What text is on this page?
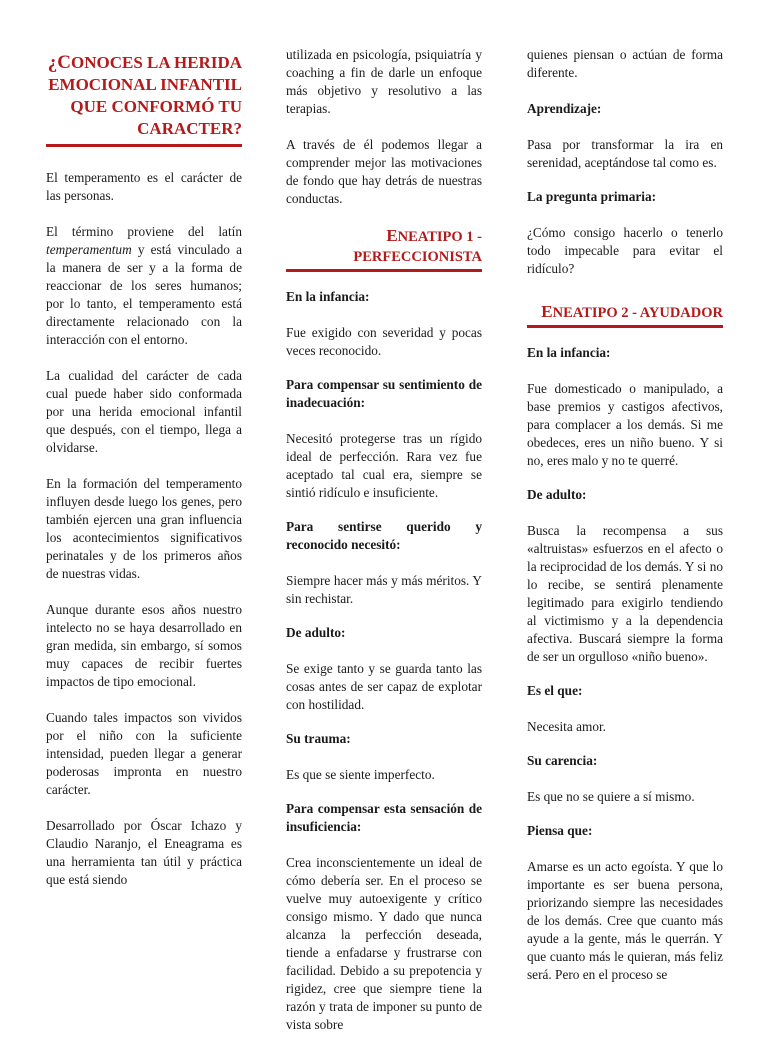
¿CONOCES LA HERIDA EMOCIONAL INFANTIL QUE CONFORMÓ TU CARACTER?

El temperamento es el carácter de las personas.

El término proviene del latín temperamentum y está vinculado a la manera de ser y a la forma de reaccionar de los seres humanos; por lo tanto, el temperamento está directamente relacionado con la interacción con el entorno.

La cualidad del carácter de cada cual puede haber sido conformada por una herida emocional infantil que después, con el tiempo, llega a olvidarse.

En la formación del temperamento influyen desde luego los genes, pero también ejercen una gran influencia los acontecimientos significativos perinatales y de los primeros años de nuestras vidas.

Aunque durante esos años nuestro intelecto no se haya desarrollado en gran medida, sin embargo, sí somos muy capaces de recibir fuertes impactos de tipo emocional.

Cuando tales impactos son vividos por el niño con la suficiente intensidad, pueden llegar a generar poderosas impronta en nuestro carácter.

Desarrollado por Óscar Ichazo y Claudio Naranjo, el Eneagrama es una herramienta tan útil y práctica que está siendo

utilizada en psicología, psiquiatría y coaching a fin de darle un enfoque más objetivo y resolutivo a las terapias.

A través de él podemos llegar a comprender mejor las motivaciones de fondo que hay detrás de nuestras conductas.

ENEATIPO 1 - PERFECCIONISTA

En la infancia:

Fue exigido con severidad y pocas veces reconocido.

Para compensar su sentimiento de inadecuación:

Necesitó protegerse tras un rígido ideal de perfección. Rara vez fue aceptado tal cual era, siempre se sintió ridículo e insuficiente.

Para sentirse querido y reconocido necesitó:

Siempre hacer más y más méritos. Y sin rechistar.

De adulto:

Se exige tanto y se guarda tanto las cosas antes de ser capaz de explotar con hostilidad.

Su trauma:

Es que se siente imperfecto.

Para compensar esta sensación de insuficiencia:

Crea inconscientemente un ideal de cómo debería ser. En el proceso se vuelve muy autoexigente y crítico consigo mismo. Y dado que nunca alcanza la perfección deseada, tiende a enfadarse y frustrarse con facilidad. Debido a su prepotencia y rigidez, cree que siempre tiene la razón y trata de imponer su punto de vista sobre

quienes piensan o actúan de forma diferente.

Aprendizaje:

Pasa por transformar la ira en serenidad, aceptándose tal como es.

La pregunta primaria:

¿Cómo consigo hacerlo o tenerlo todo impecable para evitar el ridículo?

ENEATIPO 2 - AYUDADOR

En la infancia:

Fue domesticado o manipulado, a base premios y castigos afectivos, para complacer a los demás. Si me obedeces, eres un niño bueno. Y si no, eres malo y no te querré.

De adulto:

Busca la recompensa a sus «altruistas» esfuerzos en el afecto o la reciprocidad de los demás. Y si no lo recibe, se sentirá plenamente legitimado para exigirlo tendiendo al victimismo y a la dependencia afectiva. Buscará siempre la forma de ser un orgulloso «niño bueno».

Es el que:

Necesita amor.

Su carencia:

Es que no se quiere a sí mismo.

Piensa que:

Amarse es un acto egoísta. Y que lo importante es ser buena persona, priorizando siempre las necesidades de los demás. Cree que cuanto más ayude a la gente, más le querrán. Y que cuanto más le quieran, más feliz será. Pero en el proceso se
